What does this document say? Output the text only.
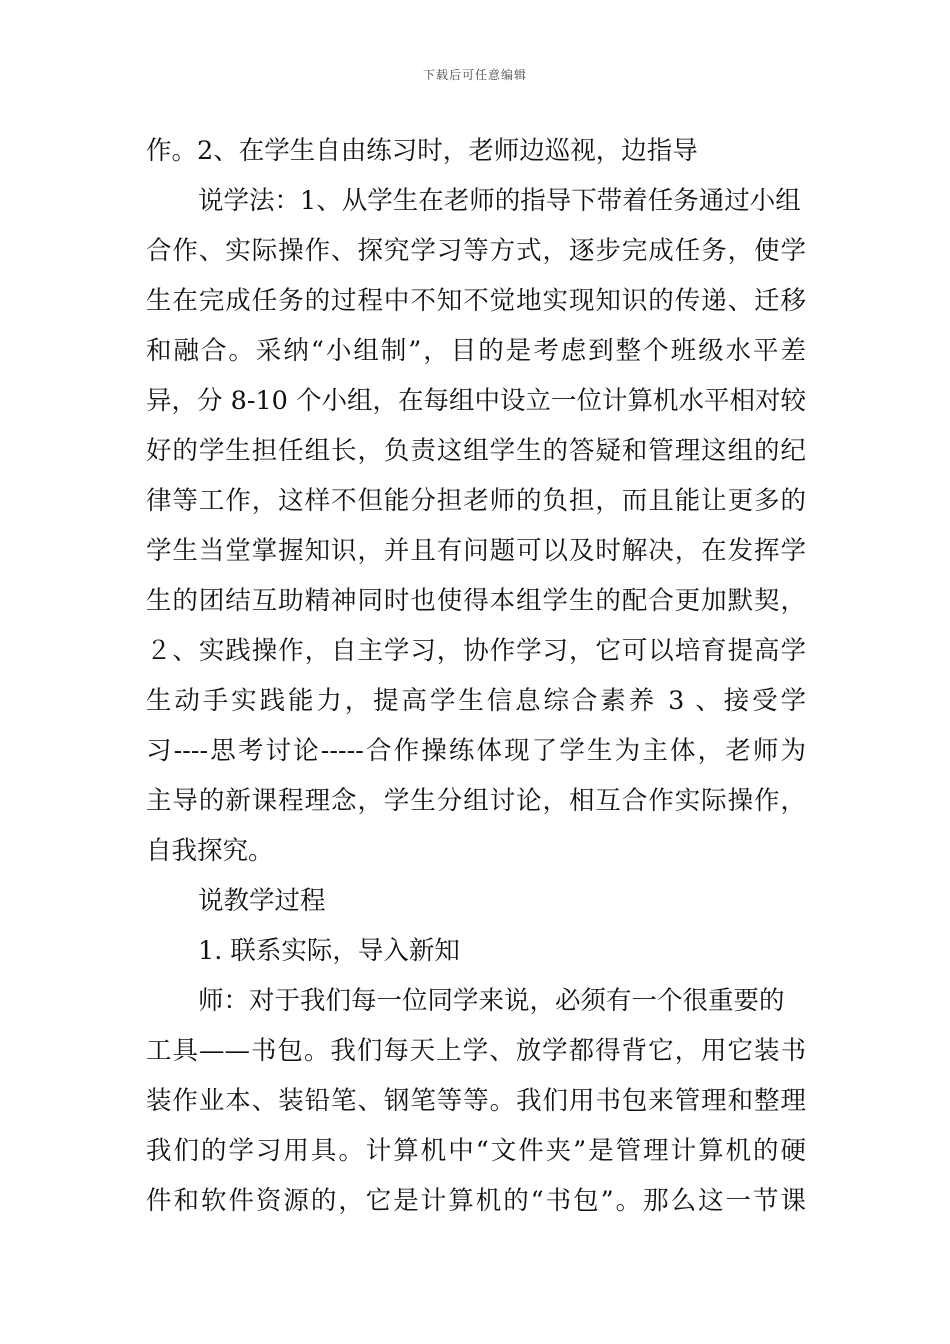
下载后可任意编辑
作。2、在学生自由练习时，老师边巡视，边指导
说学法：1、从学生在老师的指导下带着任务通过小组
合作、实际操作、探究学习等方式，逐步完成任务，使学
生在完成任务的过程中不知不觉地实现知识的传递、迁移
和融合。采纳“小组制”，目的是考虑到整个班级水平差
异，分 8-10 个小组，在每组中设立一位计算机水平相对较
好的学生担任组长，负责这组学生的答疑和管理这组的纪
律等工作，这样不但能分担老师的负担，而且能让更多的
学生当堂掌握知识，并且有问题可以及时解决，在发挥学
生的团结互助精神同时也使得本组学生的配合更加默契，
２、实践操作，自主学习，协作学习，它可以培育提高学
生动手实践能力，提高学生信息综合素养 3 、接受学
习----思考讨论-----合作操练体现了学生为主体，老师为
主导的新课程理念，学生分组讨论，相互合作实际操作，
自我探究。
说教学过程
1. 联系实际，导入新知
师：对于我们每一位同学来说，必须有一个很重要的
工具——书包。我们每天上学、放学都得背它，用它装书
装作业本、装铅笔、钢笔等等。我们用书包来管理和整理
我们的学习用具。计算机中“文件夹”是管理计算机的硬
件和软件资源的，它是计算机的“书包”。那么这一节课
